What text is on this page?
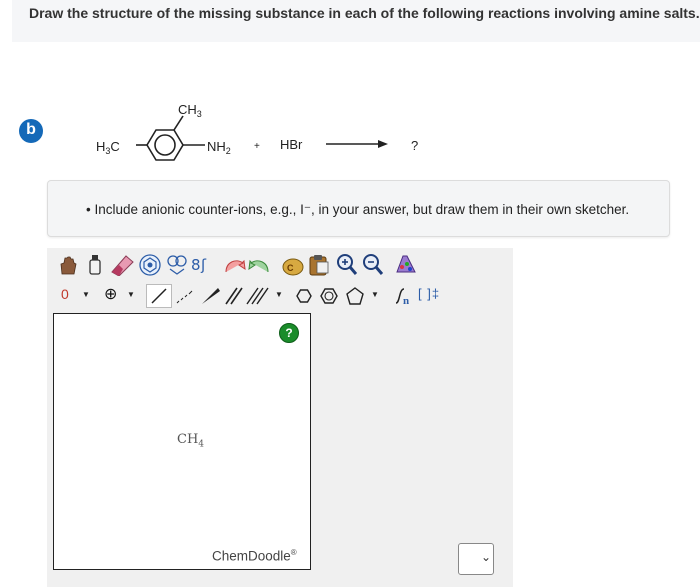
Draw the structure of the missing substance in each of the following reactions involving amine salts.
b
$CH_3$
$H_3C$	$NH_2$ + HBr	?
• Include anionic counter-ions, e.g., I⁻, in your answer, but draw them in their own sketcher.
8 ʃ	C
0 ▼ ⊕ ▼	▼	▼
n [ ]‡
?
$CH_4$
ChemDoodle®	⌄
